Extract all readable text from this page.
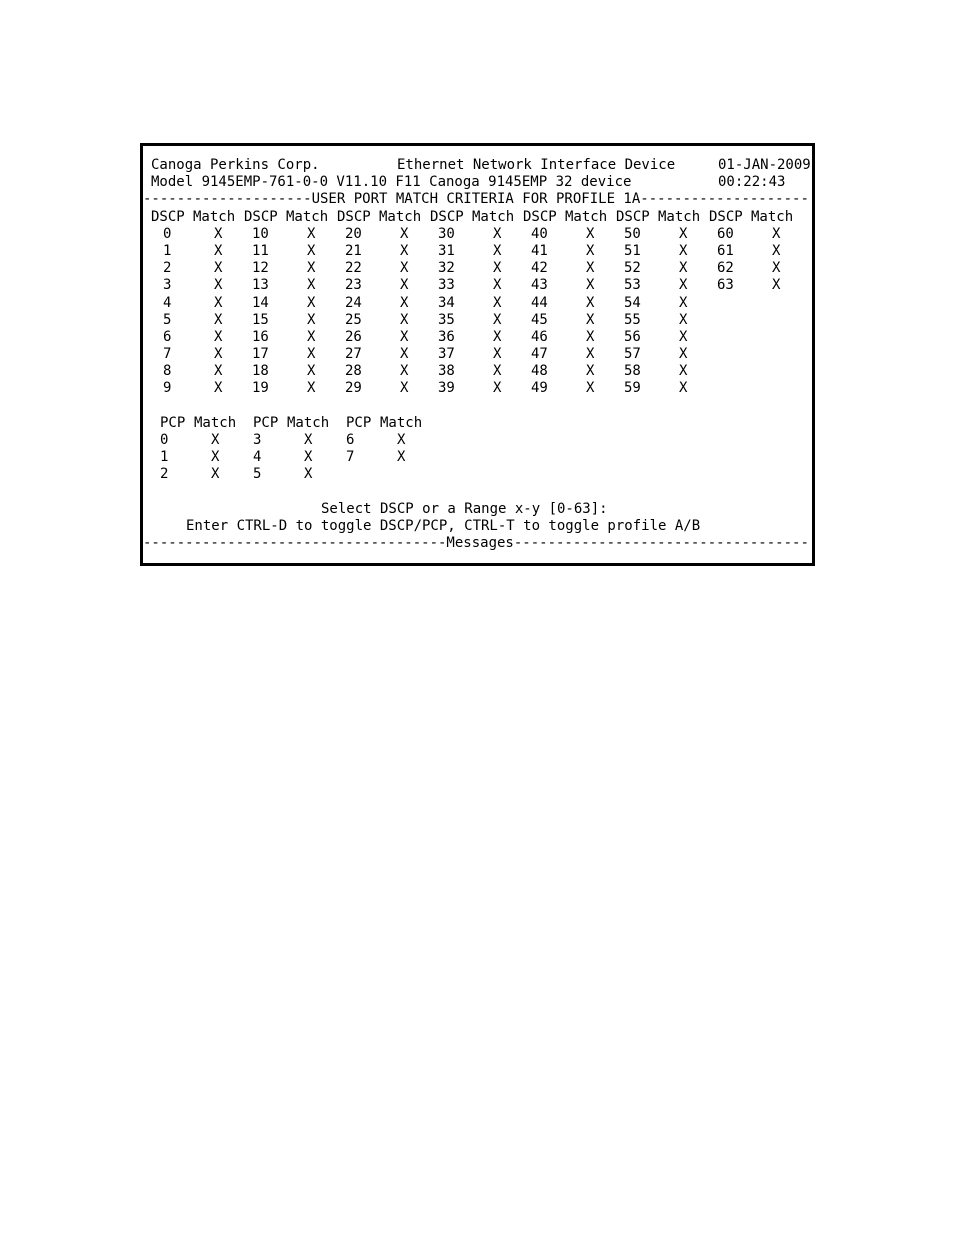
Canoga Perkins Corp.

	Ethernet Network Interface Device

	01-JAN-2009

Model 9145EMP-761-0-0 V11.10 F11 Canoga 9145EMP 32 device

	00:22:43

--------------------USER PORT MATCH CRITERIA FOR PROFILE 1A--------------------

DSCP Match DSCP Match DSCP Match DSCP Match DSCP Match DSCP Match DSCP Match
0	X 10	X 20	X 30	X 40	X 50	X 60	X
1	X 11	X 21	X 31	X 41	X 51	X 61	X
2	X 12	X 22	X 32	X 42	X 52	X 62	X
3	X 13	X 23	X 33	X 43	X 53	X 63	X
4	X 14	X 24	X 34	X 44	X 54	X
5	X 15	X 25	X 35	X 45	X 55	X
6	X 16	X 26	X 36	X 46	X 56	X
7	X 17	X 27	X 37	X 47	X 57	X
8	X 18	X 28	X 38	X 48	X 58	X
9	X 19	X 29	X 39	X 49	X 59	X
PCP Match PCP Match PCP Match
0	X 3	X 6	X
1	X 4	X 7	X
2	X 5	X

Select DSCP or a Range x-y [0-63]:

Enter CTRL-D to toggle DSCP/PCP, CTRL-T to toggle profile A/B

------------------------------------Messages-----------------------------------
